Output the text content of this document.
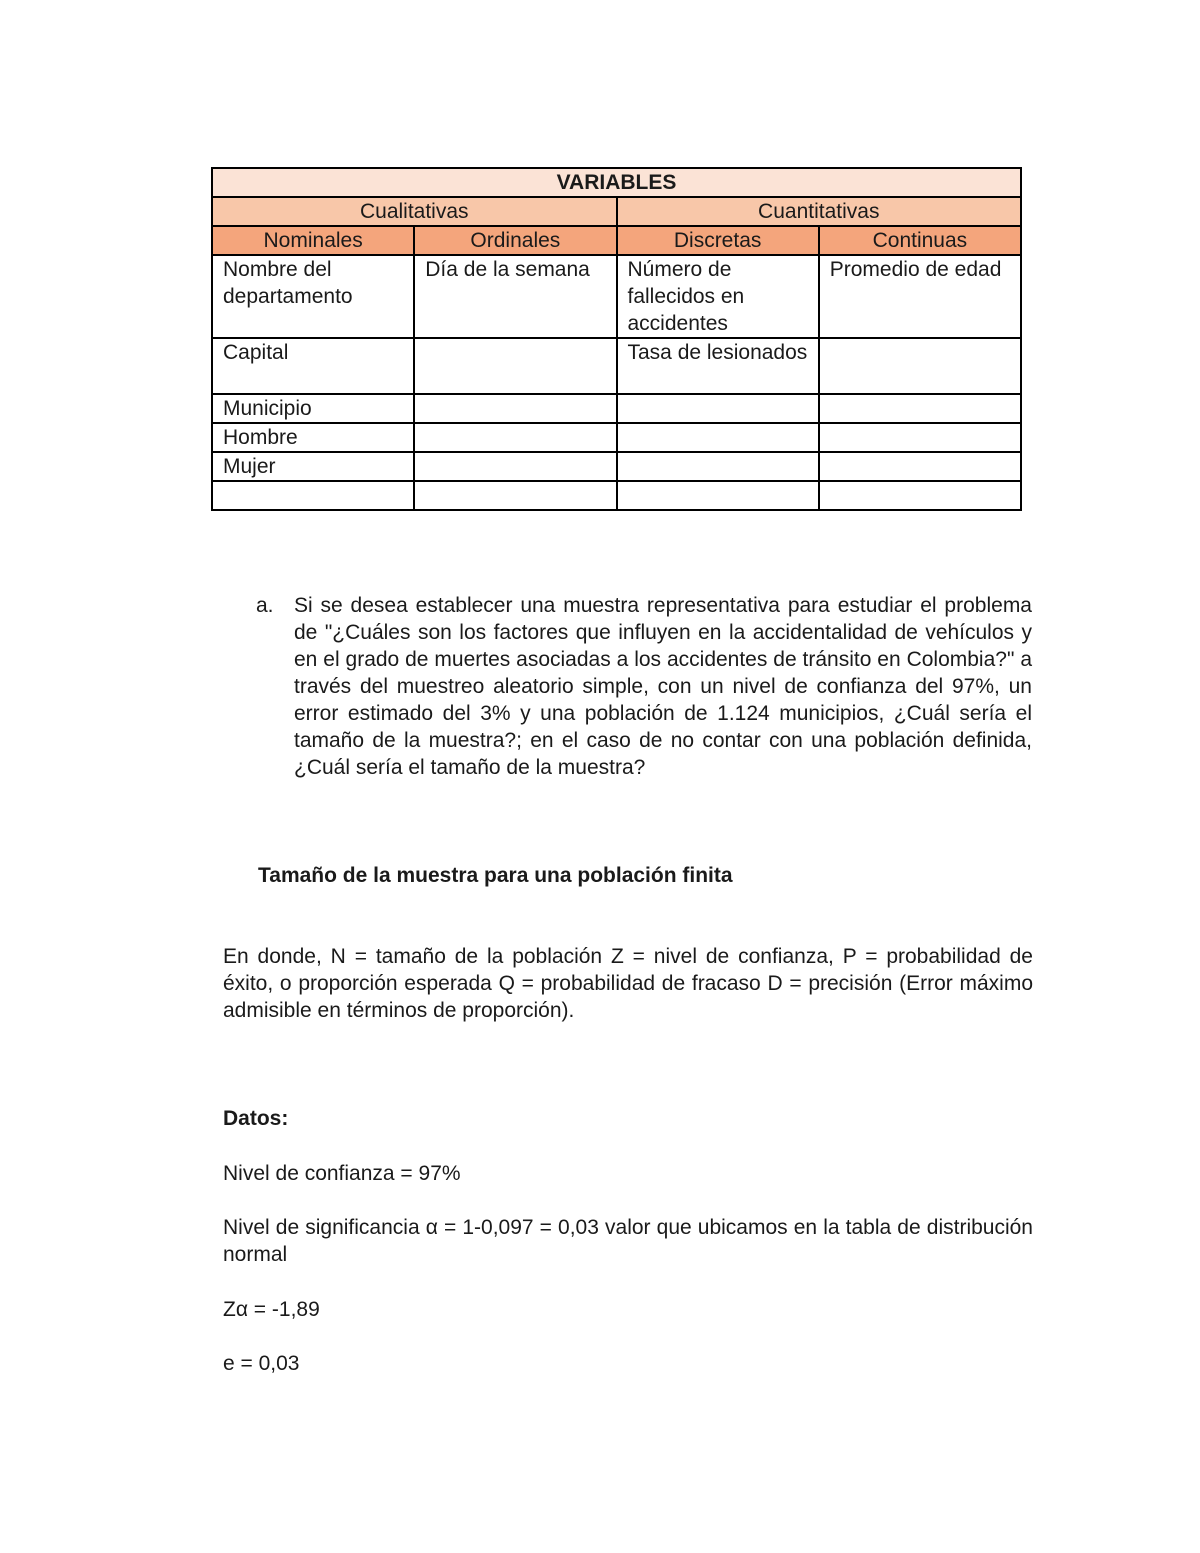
VARIABLES			
Cualitativas		Cuantitativas	
Nominales	Ordinales	Discretas	Continuas
Nombre del departamento	Día de la semana	Número de fallecidos en accidentes	Promedio de edad
Capital		Tasa de lesionados	
Municipio			
Hombre			
Mujer			

a. Si se desea establecer una muestra representativa para estudiar el problema de "¿Cuáles son los factores que influyen en la accidentalidad de vehículos y en el grado de muertes asociadas a los accidentes de tránsito en Colombia?" a través del muestreo aleatorio simple, con un nivel de confianza del 97%, un error estimado del 3% y una población de 1.124 municipios, ¿Cuál sería el tamaño de la muestra?; en el caso de no contar con una población definida, ¿Cuál sería el tamaño de la muestra?
Tamaño de la muestra para una población finita
En donde, N = tamaño de la población Z = nivel de confianza, P = probabilidad de éxito, o proporción esperada Q = probabilidad de fracaso D = precisión (Error máximo admisible en términos de proporción).
Datos:
Nivel de confianza = 97%
Nivel de significancia α = 1-0,097 = 0,03 valor que ubicamos en la tabla de distribución normal
Zα = -1,89
e = 0,03
